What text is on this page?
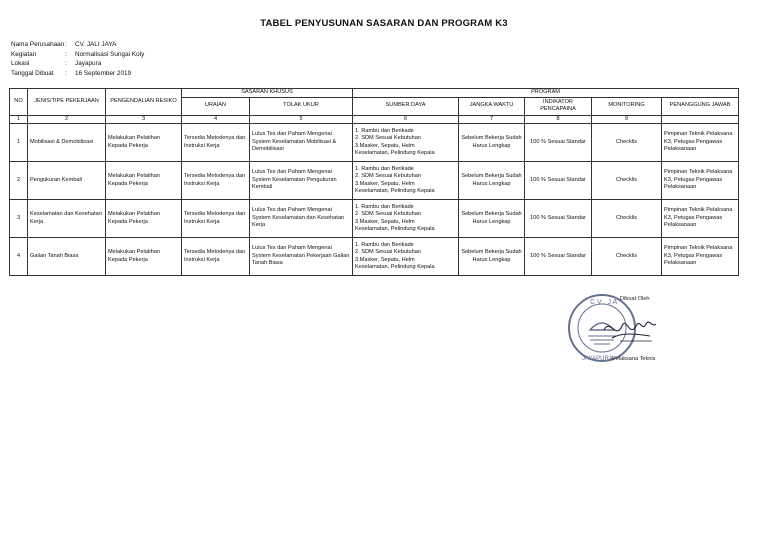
TABEL PENYUSUNAN SASARAN DAN PROGRAM K3
Nama Perusahaan :	CV. JALI JAYA
Kegiatan	:	Normalisasi Sungai Koly
Lokasi	:	Jayapura
Tanggal Dibuat	:	16 September 2019
NO	JENIS/TIPE PEKERJAAN	PENGENDALIAN RESIKO	SASARAN KHUSUS		PROGRAM				
			URAIAN	TOLAK UKUR	SUMBER DAYA	JANGKA WAKTU	INDIKATOR PENCAPAINA	MONITORING	PENANGGUNG JAWAB
1	2	3	4	5	6	7	8	9	
1	Mobilisasi & Demobilisasi	Melakukan Pelatihan Kepada Pekerja	Tersedia Metodenya dan Instruksi Kerja	Lulus Tes dan Paham Mengenai System Keselamatan Mobilisasi & Demobilisasi	1. Rambu dan Berikade
2. SDM Sesuai Kebutuhan
3.Masker, Sepatu, Helm
Keselamatan, Pelindung Kepala	Sebelum Bekerja Sudah Harus Lengkap	100 % Sesuai Standar	Checklis	Pimpinan Teknik Pelaksana K3, Petugas Pengawas Pelaksanaan
2	Pengukuran Kembali	Melakukan Pelatihan Kepada Pekerja	Tersedia Metodenya dan Instruksi Kerja	Lulus Tes dan Paham Mengenai System Keselamatan Pengukuran Kembali	1. Rambu dan Berikade
2. SDM Sesuai Kebutuhan
3.Masker, Sepatu, Helm
Keselamatan, Pelindung Kepala	Sebelum Bekerja Sudah Harus Lengkap	100 % Sesuai Standar	Checklis	Pimpinan Teknik Pelaksana K3, Petugas Pengawas Pelaksanaan
3	Keselamatan dan Kesehatan Kerja	Melakukan Pelatihan Kepada Pekerja	Tersedia Metodenya dan Instruksi Kerja	Lulus Tes dan Paham Mengenai System Keselamatan dan Kesehatan Kerja	1. Rambu dan Berikade
2. SDM Sesuai Kebutuhan
3.Masker, Sepatu, Helm
Keselamatan, Pelindung Kepala	Sebelum Bekerja Sudah Harus Lengkap	100 % Sesuai Standar	Checklis	Pimpinan Teknik Pelaksana K3, Petugas Pengawas Pelaksanaan
4	Galian Tanah Biasa	Melakukan Pelatihan Kepada Pekerja	Tersedia Metodenya dan Instruksi Kerja	Lulus Tes dan Paham Mengenai System Keselamatan Pekerjaan Galian Tanah Biasa	1. Rambu dan Berikade
2. SDM Sesuai Kebutuhan
3.Masker, Sepatu, Helm
Keselamatan, Pelindung Kepala	Sebelum Bekerja Sudah Harus Lengkap	100 % Sesuai Standar	Checklis	Pimpinan Teknik Pelaksana K3, Petugas Pengawas Pelaksanaan
C V . J A
JAYAPURA
Dibuat Oleh
Pelaksana Teknis
